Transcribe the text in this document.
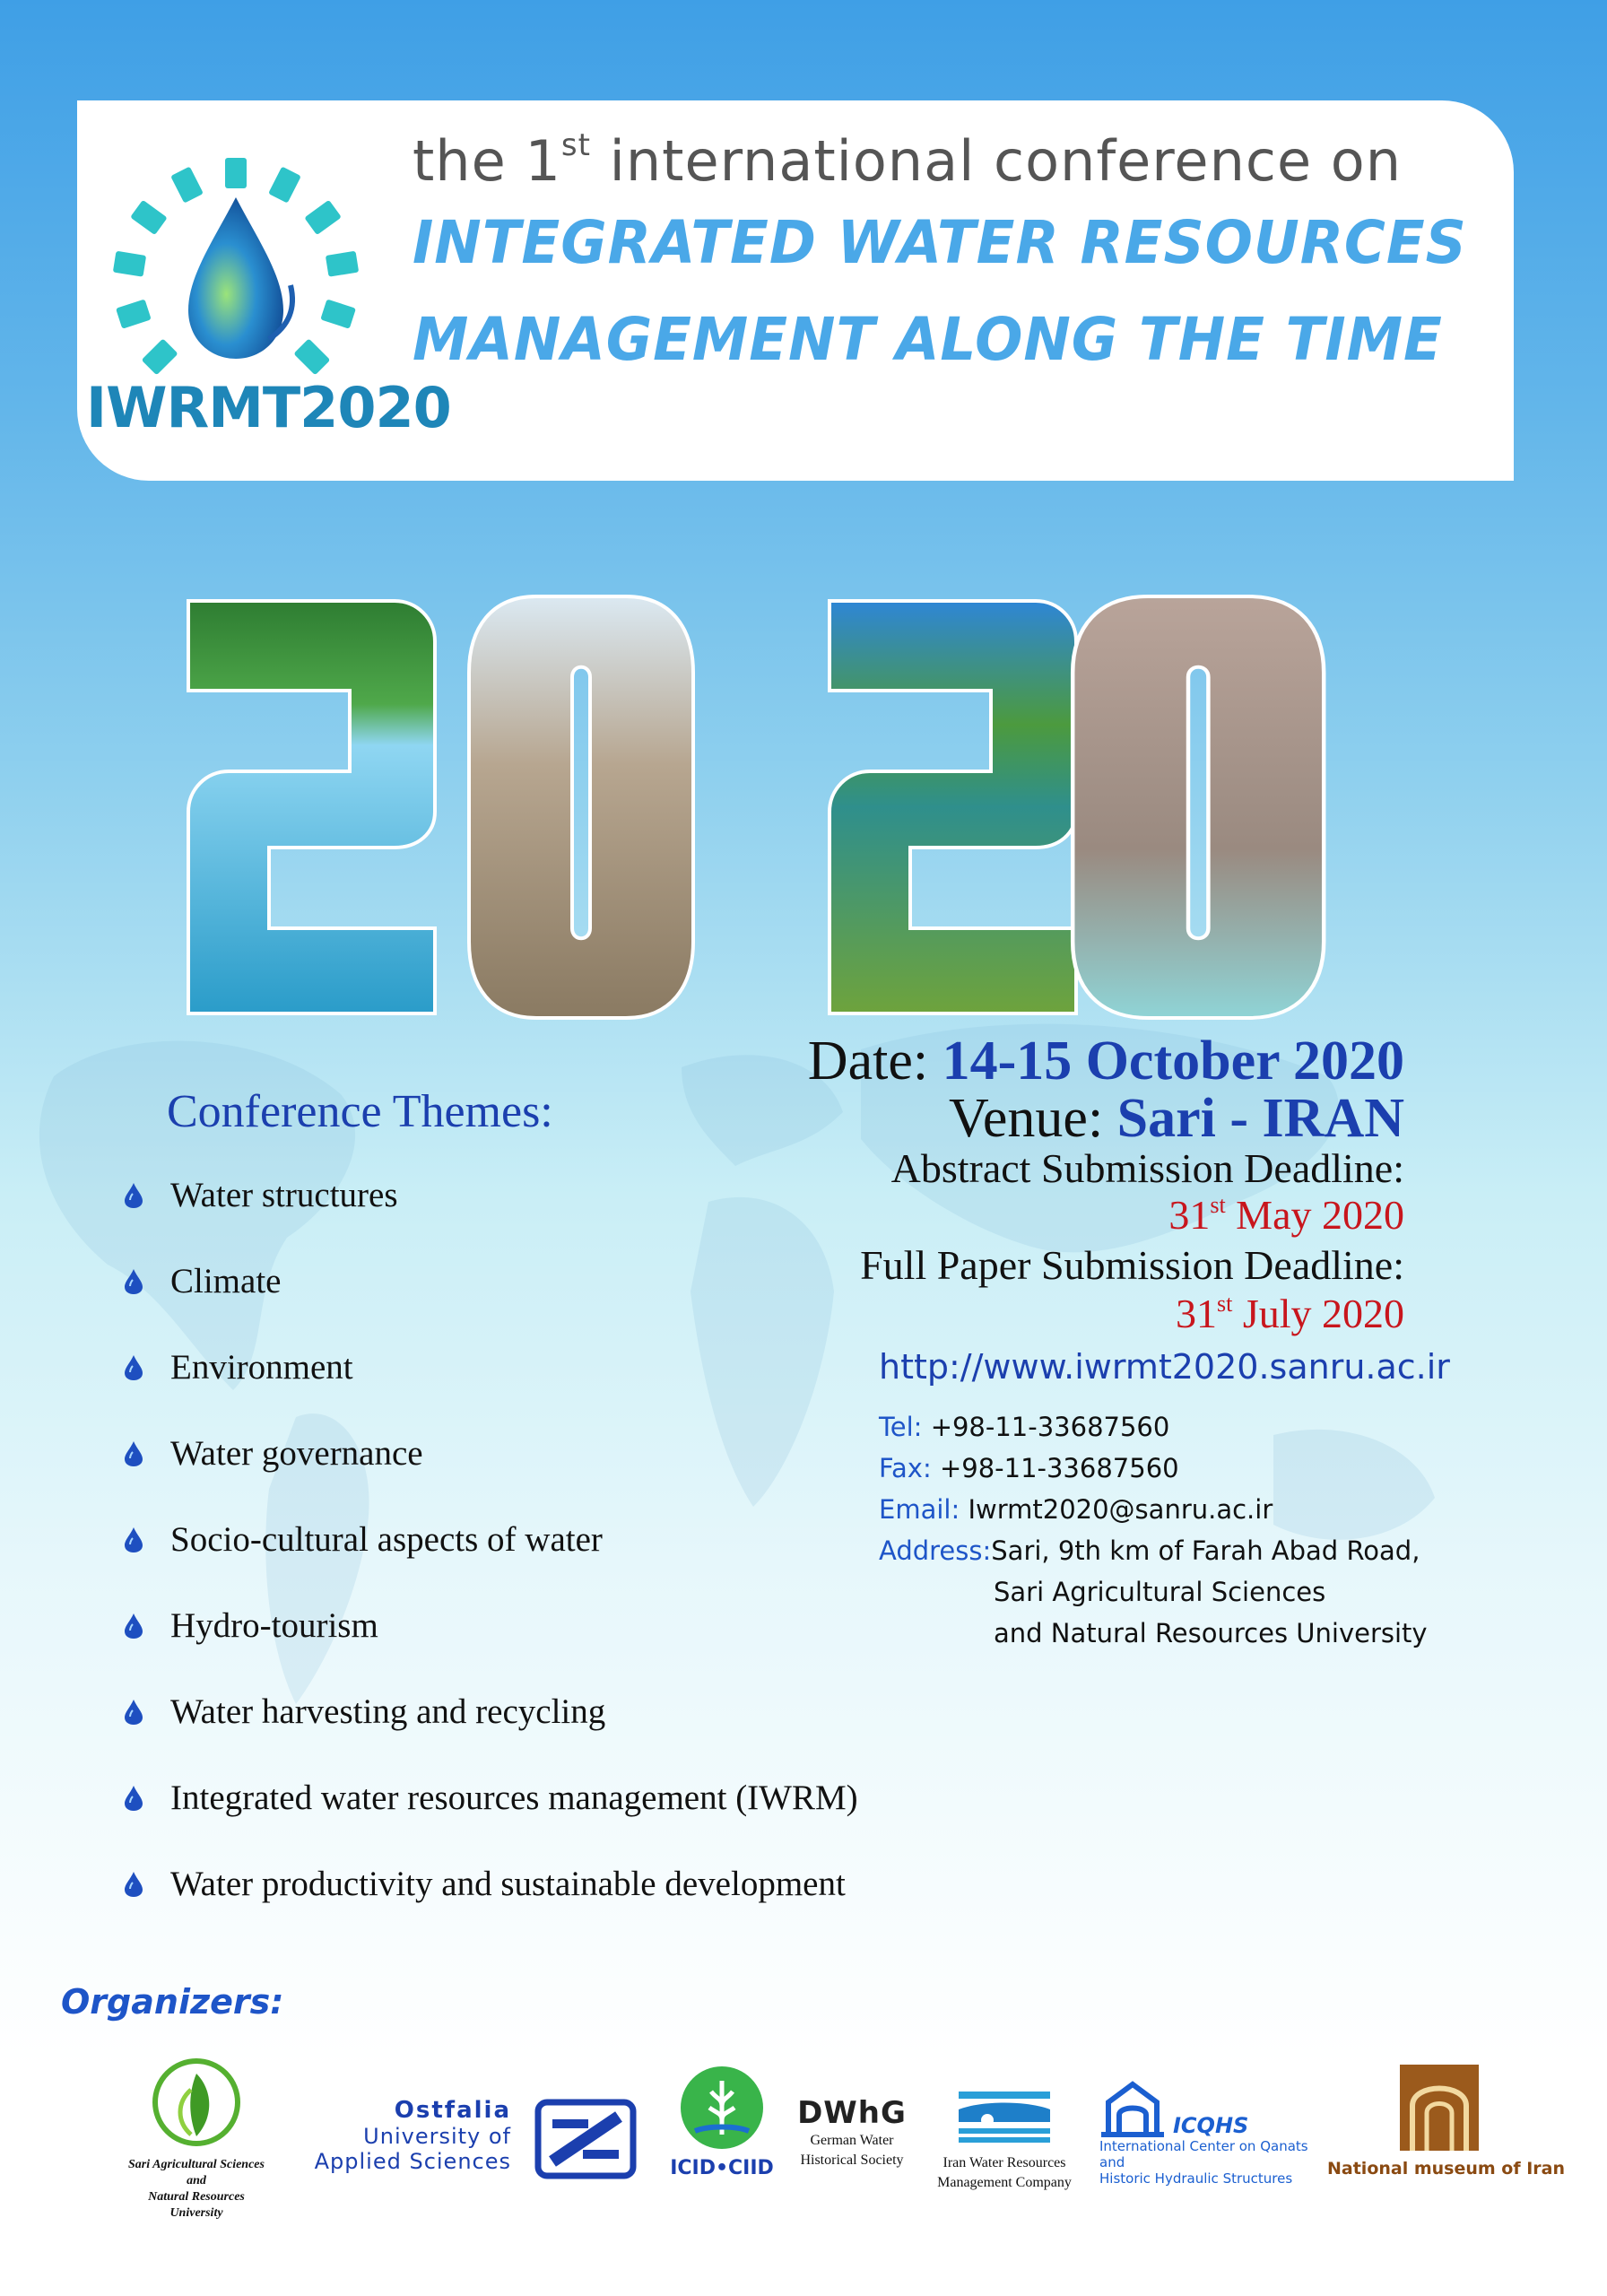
IWRMT2020
the 1st international conference on
INTEGRATED WATER RESOURCES
MANAGEMENT ALONG THE TIME
Date: 14-15 October 2020
Venue: Sari - IRAN
Abstract Submission Deadline:
31st May 2020
Full Paper Submission Deadline:
31st July 2020
http://www.iwrmt2020.sanru.ac.ir
Tel: +98-11-33687560
Fax: +98-11-33687560
Email: Iwrmt2020@sanru.ac.ir
Address:Sari, 9th km of Farah Abad Road,
Sari Agricultural Sciences
and Natural Resources University
Conference Themes:
Water structures
Climate
Environment
Water governance
Socio-cultural aspects of water
Hydro-tourism
Water harvesting and recycling
Integrated water resources management (IWRM)
Water productivity and sustainable development
Organizers:
Sari Agricultural Sciences and
Natural Resources University
Ostfalia
University of
Applied Sciences	ICID•CIID
DWhG
German Water
Historical Society	Iran Water Resources
Management Company
ICQHS
International Center on Qanats and
Historic Hydraulic Structures	National museum of Iran
